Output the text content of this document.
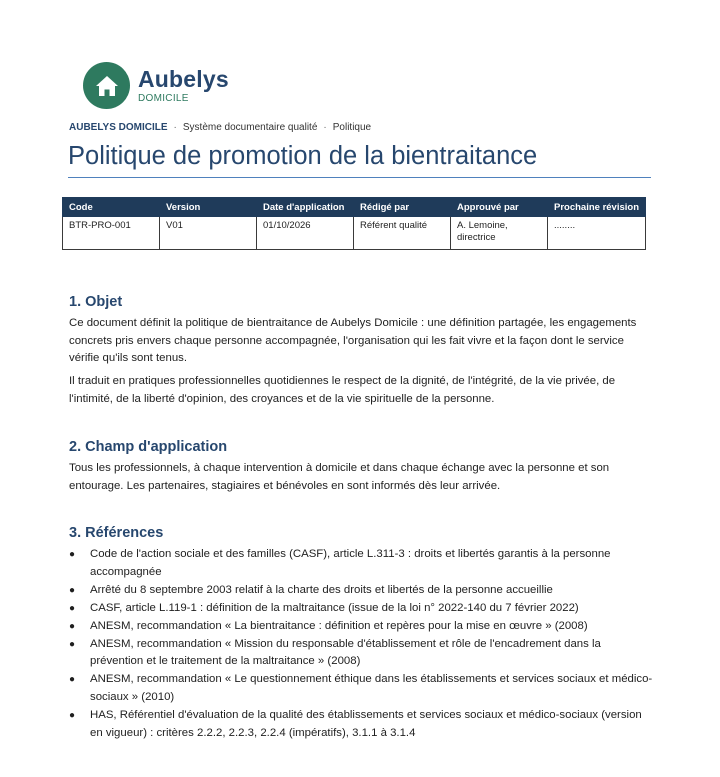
Aubelys
DOMICILE
AUBELYS DOMICILE · Système documentaire qualité · Politique
Politique de promotion de la bientraitance
Code	Version	Date d'application	Rédigé par	Approuvé par	Prochaine révision
BTR-PRO-001	V01	01/10/2026	Référent qualité	A. Lemoine, directrice	........
1. Objet

Ce document définit la politique de bientraitance de Aubelys Domicile : une définition partagée, les engagements concrets pris envers chaque personne accompagnée, l'organisation qui les fait vivre et la façon dont le service vérifie qu'ils sont tenus.

Il traduit en pratiques professionnelles quotidiennes le respect de la dignité, de l'intégrité, de la vie privée, de l'intimité, de la liberté d'opinion, des croyances et de la vie spirituelle de la personne.

2. Champ d'application

Tous les professionnels, à chaque intervention à domicile et dans chaque échange avec la personne et son entourage. Les partenaires, stagiaires et bénévoles en sont informés dès leur arrivée.

3. Références
●	Code de l'action sociale et des familles (CASF), article L.311-3 : droits et libertés garantis à la personne accompagnée
●	Arrêté du 8 septembre 2003 relatif à la charte des droits et libertés de la personne accueillie
●	CASF, article L.119-1 : définition de la maltraitance (issue de la loi n° 2022-140 du 7 février 2022)
●	ANESM, recommandation « La bientraitance : définition et repères pour la mise en œuvre » (2008)
●	ANESM, recommandation « Mission du responsable d'établissement et rôle de l'encadrement dans la prévention et le traitement de la maltraitance » (2008)
●	ANESM, recommandation « Le questionnement éthique dans les établissements et services sociaux et médico-sociaux » (2010)
●	HAS, Référentiel d'évaluation de la qualité des établissements et services sociaux et médico-sociaux (version en vigueur) : critères 2.2.2, 2.2.3, 2.2.4 (impératifs), 3.1.1 à 3.1.4
